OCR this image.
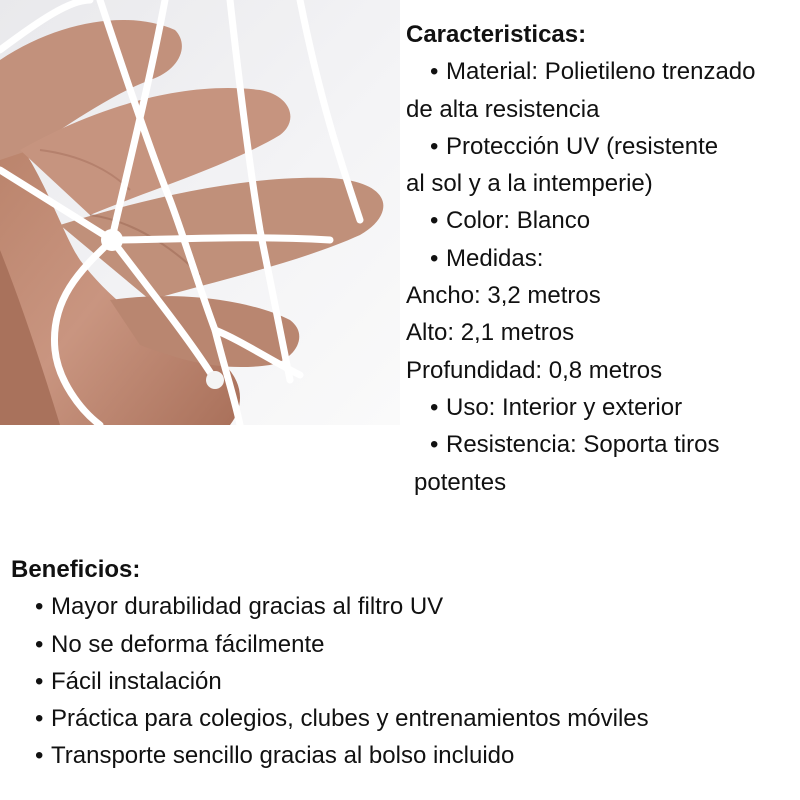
Caracteristicas:
• Material: Polietileno trenzado
de alta resistencia
• Protección UV (resistente
al sol y a la intemperie)
• Color: Blanco
• Medidas:
Ancho: 3,2 metros
Alto: 2,1 metros
Profundidad: 0,8 metros
• Uso: Interior y exterior
• Resistencia: Soporta tiros
potentes
Beneficios:
• Mayor durabilidad gracias al filtro UV
• No se deforma fácilmente
• Fácil instalación
• Práctica para colegios, clubes y entrenamientos móviles
• Transporte sencillo gracias al bolso incluido
